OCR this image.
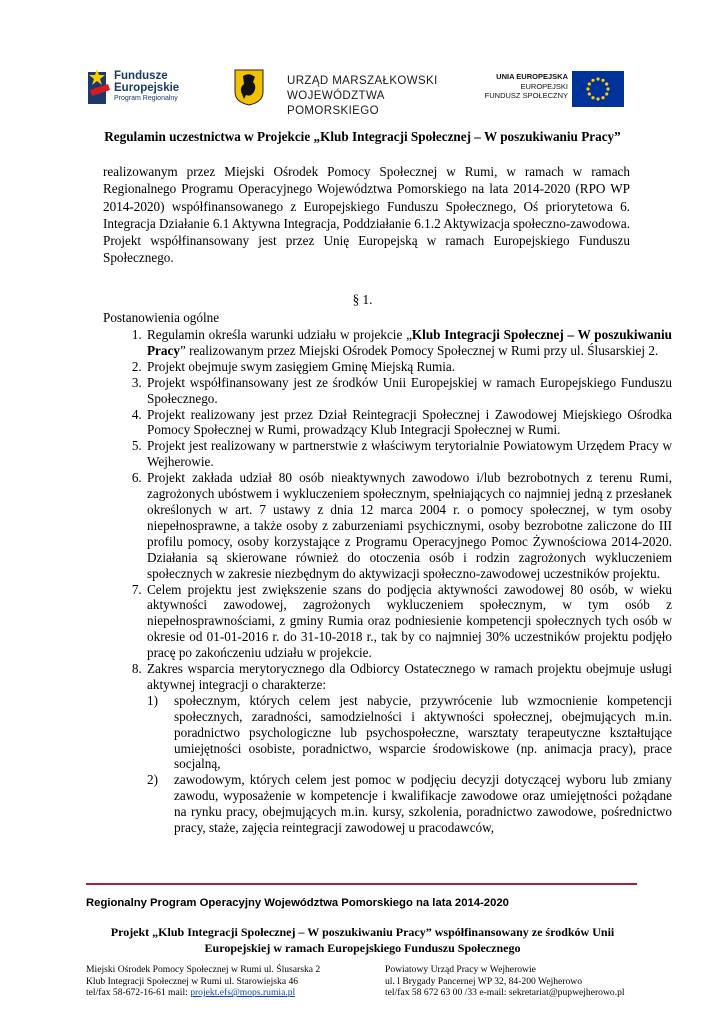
Fundusze
Europejskie
Program Regionalny
URZĄD MARSZAŁKOWSKI
WOJEWÓDZTWA POMORSKIEGO
UNIA EUROPEJSKA
EUROPEJSKI
FUNDUSZ SPOŁECZNY
Regulamin uczestnictwa w Projekcie „Klub Integracji Społecznej – W poszukiwaniu Pracy”
realizowanym przez Miejski Ośrodek Pomocy Społecznej w Rumi, w ramach w ramach Regionalnego Programu Operacyjnego Województwa Pomorskiego na lata 2014-2020 (RPO WP 2014-2020) współfinansowanego z Europejskiego Funduszu Społecznego, Oś priorytetowa 6. Integracja Działanie 6.1 Aktywna Integracja, Poddziałanie 6.1.2 Aktywizacja społeczno-zawodowa. Projekt współfinansowany jest przez Unię Europejską w ramach Europejskiego Funduszu Społecznego.
§ 1.
Postanowienia ogólne
1. Regulamin określa warunki udziału w projekcie „Klub Integracji Społecznej – W poszukiwaniu Pracy” realizowanym przez Miejski Ośrodek Pomocy Społecznej w Rumi przy ul. Ślusarskiej 2.
2. Projekt obejmuje swym zasięgiem Gminę Miejską Rumia.
3. Projekt współfinansowany jest ze środków Unii Europejskiej w ramach Europejskiego Funduszu Społecznego.
4. Projekt realizowany jest przez Dział Reintegracji Społecznej i Zawodowej Miejskiego Ośrodka Pomocy Społecznej w Rumi, prowadzący Klub Integracji Społecznej w Rumi.
5. Projekt jest realizowany w partnerstwie z właściwym terytorialnie Powiatowym Urzędem Pracy w Wejherowie.
6. Projekt zakłada udział 80 osób nieaktywnych zawodowo i/lub bezrobotnych z terenu Rumi, zagrożonych ubóstwem i wykluczeniem społecznym, spełniających co najmniej jedną z przesłanek określonych w art. 7 ustawy z dnia 12 marca 2004 r. o pomocy społecznej, w tym osoby niepełnosprawne, a także osoby z zaburzeniami psychicznymi, osoby bezrobotne zaliczone do III profilu pomocy, osoby korzystające z Programu Operacyjnego Pomoc Żywnościowa 2014-2020. Działania są skierowane również do otoczenia osób i rodzin zagrożonych wykluczeniem społecznych w zakresie niezbędnym do aktywizacji społeczno-zawodowej uczestników projektu.
7. Celem projektu jest zwiększenie szans do podjęcia aktywności zawodowej 80 osób, w wieku aktywności zawodowej, zagrożonych wykluczeniem społecznym, w tym osób z niepełnosprawnościami, z gminy Rumia oraz podniesienie kompetencji społecznych tych osób w okresie od 01-01-2016 r. do 31-10-2018 r., tak by co najmniej 30% uczestników projektu podjęło pracę po zakończeniu udziału w projekcie.
8. Zakres wsparcia merytorycznego dla Odbiorcy Ostatecznego w ramach projektu obejmuje usługi aktywnej integracji o charakterze:
1) społecznym, których celem jest nabycie, przywrócenie lub wzmocnienie kompetencji społecznych, zaradności, samodzielności i aktywności społecznej, obejmujących m.in. poradnictwo psychologiczne lub psychospołeczne, warsztaty terapeutyczne kształtujące umiejętności osobiste, poradnictwo, wsparcie środowiskowe (np. animacja pracy), prace socjalną,
2) zawodowym, których celem jest pomoc w podjęciu decyzji dotyczącej wyboru lub zmiany zawodu, wyposażenie w kompetencje i kwalifikacje zawodowe oraz umiejętności pożądane na rynku pracy, obejmujących m.in. kursy, szkolenia, poradnictwo zawodowe, pośrednictwo pracy, staże, zajęcia reintegracji zawodowej u pracodawców,
Regionalny Program Operacyjny Województwa Pomorskiego na lata 2014-2020
Projekt „Klub Integracji Społecznej – W poszukiwaniu Pracy” współfinansowany ze środków Unii
Europejskiej w ramach Europejskiego Funduszu Społecznego
Miejski Ośrodek Pomocy Społecznej w Rumi ul. Ślusarska 2
Klub Integracji Społecznej w Rumi ul. Starowiejska 46
tel/fax 58-672-16-61 mail: projekt.efs@mops.rumia.pl
Powiatowy Urząd Pracy w Wejherowie
ul. l Brygady Pancernej WP 32, 84-200 Wejherowo
tel/fax 58 672 63 00 /33 e-mail: sekretariat@pupwejherowo.pl
